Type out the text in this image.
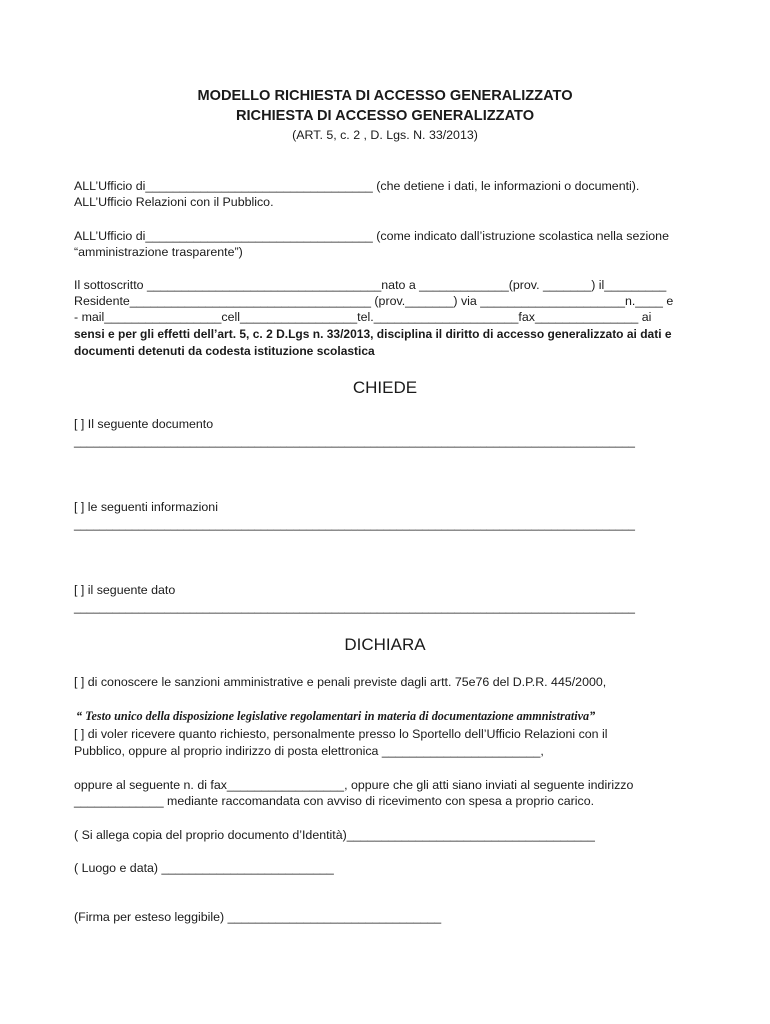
MODELLO RICHIESTA DI ACCESSO GENERALIZZATO
RICHIESTA DI ACCESSO GENERALIZZATO
(ART. 5, c. 2 , D. Lgs. N. 33/2013)
ALL’Ufficio di_________________________________ (che detiene i dati, le informazioni o documenti).
ALL’Ufficio Relazioni con il Pubblico.
ALL’Ufficio di_________________________________ (come indicato dall’istruzione scolastica nella sezione
“amministrazione trasparente”)
Il sottoscritto __________________________________nato a _____________(prov. _______) il_________
Residente___________________________________ (prov._______) via _____________________n.____ e
- mail_________________cell_________________tel._____________________fax_______________ ai
sensi e per gli effetti dell’art. 5, c. 2 D.Lgs n. 33/2013, disciplina il diritto di accesso generalizzato ai dati e
documenti detenuti da codesta istituzione scolastica
CHIEDE
[ ] Il seguente documento
_______________________________________________________________________________________
[ ] le seguenti informazioni
_______________________________________________________________________________________
[ ] il seguente dato
_______________________________________________________________________________________
DICHIARA
[ ] di conoscere le sanzioni amministrative e penali previste dagli artt. 75e76 del D.P.R. 445/2000,
“ Testo unico della disposizione legislative regolamentari in materia di documentazione ammnistrativa”
[ ] di voler ricevere quanto richiesto, personalmente presso lo Sportello dell’Ufficio Relazioni con il
Pubblico, oppure al proprio indirizzo di posta elettronica _______________________,
oppure al seguente n. di fax_________________, oppure che gli atti siano inviati al seguente indirizzo
_____________ mediante raccomandata con avviso di ricevimento con spesa a proprio carico.
( Si allega copia del proprio documento d’Identità)____________________________________
( Luogo e data) _________________________
(Firma per esteso leggibile) _______________________________
